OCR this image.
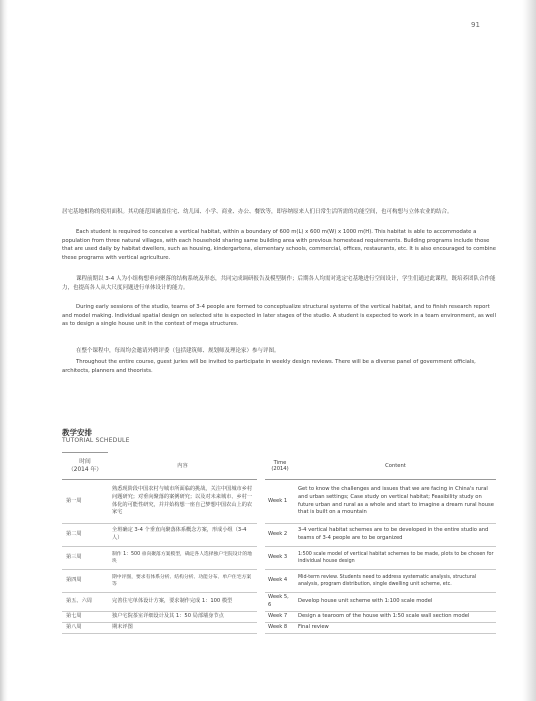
91

居宅基地相称的使用面积。其功能范围涵盖住宅、幼儿园、小学、商业、办公、餐饮等，即容纳原来人们日常生活所需的功能空间，也可构想与立体农业的结合。

Each student is required to conceive a vertical habitat, within a boundary of 600 m(L) x 600 m(W) x 1000 m(H). This habitat is able to accommodate a population from three natural villages, with each household sharing same building area with previous homestead requirements. Building programs include those that are used daily by habitat dwellers, such as housing, kindergartens, elementary schools, commercial, offices, restaurants, etc. It is also encouraged to combine these programs with vertical agriculture.

课程前期以 3-4 人为小组构想垂向聚落的结构系统及形态，共同完成调研报告及模型制作；后期各人均需对选定宅基地进行空间设计，学生们通过此课程，既培养团队合作能力，也提高各人从大尺度问题进行单体设计的能力。

During early sessions of the studio, teams of 3-4 people are formed to conceptualize structural systems of the vertical habitat, and to finish research report and model making. Individual spatial design on selected site is expected in later stages of the studio. A student is expected to work in a team environment, as well as to design a single house unit in the context of mega structures.

在整个课程中，每周均会邀请外聘评委（包括建筑师、规划师及理论家）参与评图。

Throughout the entire course, guest juries will be invited to participate in weekly design reviews. There will be a diverse panel of government officials, architects, planners and theorists.

教学安排
TUTORIAL SCHEDULE
时间
（2014 年）	内容		Time (2014)	Content
第一周	熟悉现阶段中国农村与城市所面临的挑战，关注中国城市乡村问题研究；对垂向聚落的案例研究；以及对未来城市、乡村一体化的可能性研究，并并始构想一座自己梦想中国农山上的农家宅		Week 1	Get to know the challenges and issues that we are facing in China's rural and urban settings; Case study on vertical habitat; Feasibility study on future urban and rural as a whole and start to imagine a dream rural house that is built on a mountain
第二周	全班确定 3-4 个垂直向聚落体系概念方案，形成小组（3-4 人）		Week 2	3-4 vertical habitat schemes are to be developed in the entire studio and teams of 3-4 people are to be organized
第三周	制作 1：500 垂向聚落方案模型，确定各人选择独户宅院设计的地块		Week 3	1:500 scale model of vertical habitat schemes to be made, plots to be chosen for individual house design
第四周	期中评图，要求有体系分析、结构分析、功能分布、单户住宅方案等		Week 4	Mid-term review. Students need to address systematic analysis, structural analysis, program distribution, single dwelling unit scheme, etc.
第五、六周	完善住宅单体设计方案，要求制作完成 1：100 模型		Week 5, 6	Develop house unit scheme with 1:100 scale model
第七周	独户宅院茶室详细设计及其 1：50 局部墙身节点		Week 7	Design a tearoom of the house with 1:50 scale wall section model
第八周	期末评图		Week 8	Final review
